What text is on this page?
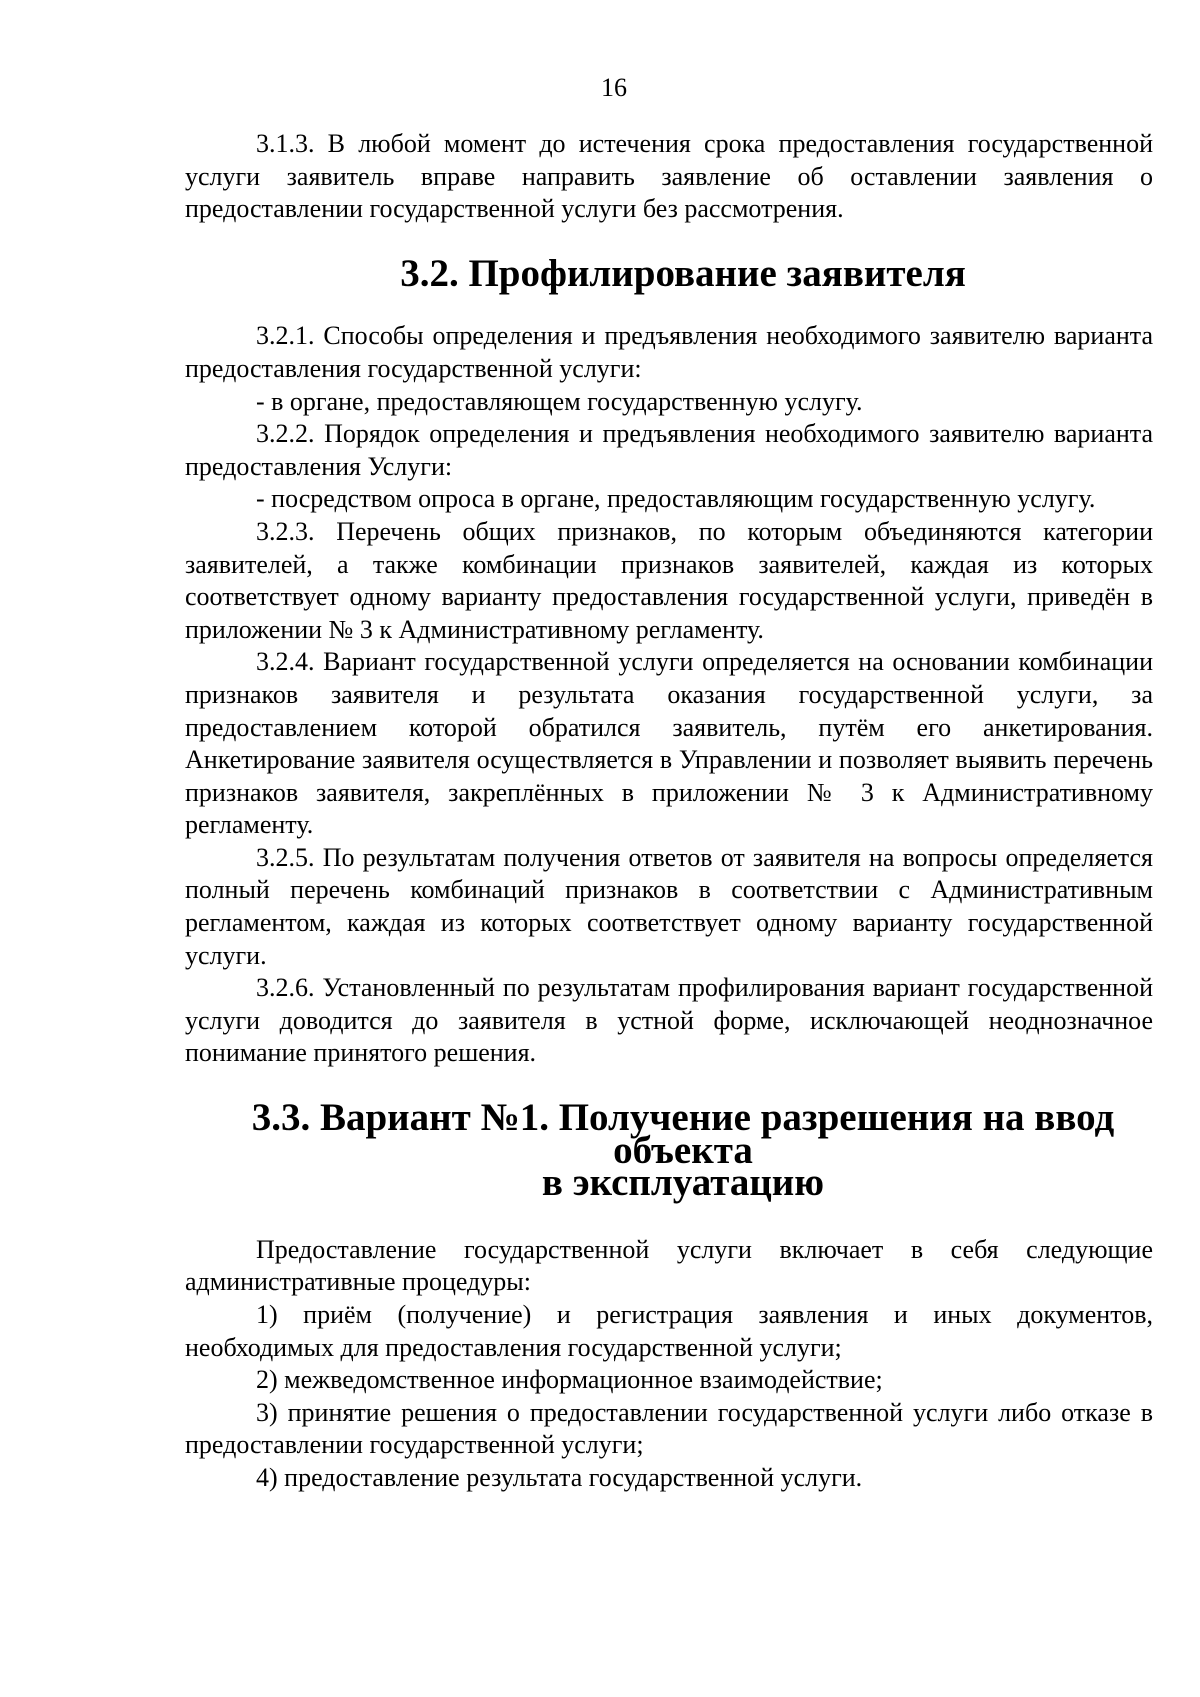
16

3.1.3. В любой момент до истечения срока предоставления государственной услуги заявитель вправе направить заявление об оставлении заявления о предоставлении государственной услуги без рассмотрения.

3.2. Профилирование заявителя

3.2.1. Способы определения и предъявления необходимого заявителю варианта предоставления государственной услуги:

- в органе, предоставляющем государственную услугу.

3.2.2. Порядок определения и предъявления необходимого заявителю варианта предоставления Услуги:

- посредством опроса в органе, предоставляющим государственную услугу.

3.2.3. Перечень общих признаков, по которым объединяются категории заявителей, а также комбинации признаков заявителей, каждая из которых соответствует одному варианту предоставления государственной услуги, приведён в приложении № 3 к Административному регламенту.

3.2.4. Вариант государственной услуги определяется на основании комбинации признаков заявителя и результата оказания государственной услуги, за предоставлением которой обратился заявитель, путём его анкетирования. Анкетирование заявителя осуществляется в Управлении и позволяет выявить перечень признаков заявителя, закреплённых в приложении № 3 к Административному регламенту.

3.2.5. По результатам получения ответов от заявителя на вопросы определяется полный перечень комбинаций признаков в соответствии с Административным регламентом, каждая из которых соответствует одному варианту государственной услуги.

3.2.6. Установленный по результатам профилирования вариант государственной услуги доводится до заявителя в устной форме, исключающей неоднозначное понимание принятого решения.

3.3. Вариант №1. Получение разрешения на ввод объекта
в эксплуатацию

Предоставление государственной услуги включает в себя следующие административные процедуры:

1) приём (получение) и регистрация заявления и иных документов, необходимых для предоставления государственной услуги;

2) межведомственное информационное взаимодействие;

3) принятие решения о предоставлении государственной услуги либо отказе в предоставлении государственной услуги;

4) предоставление результата государственной услуги.
